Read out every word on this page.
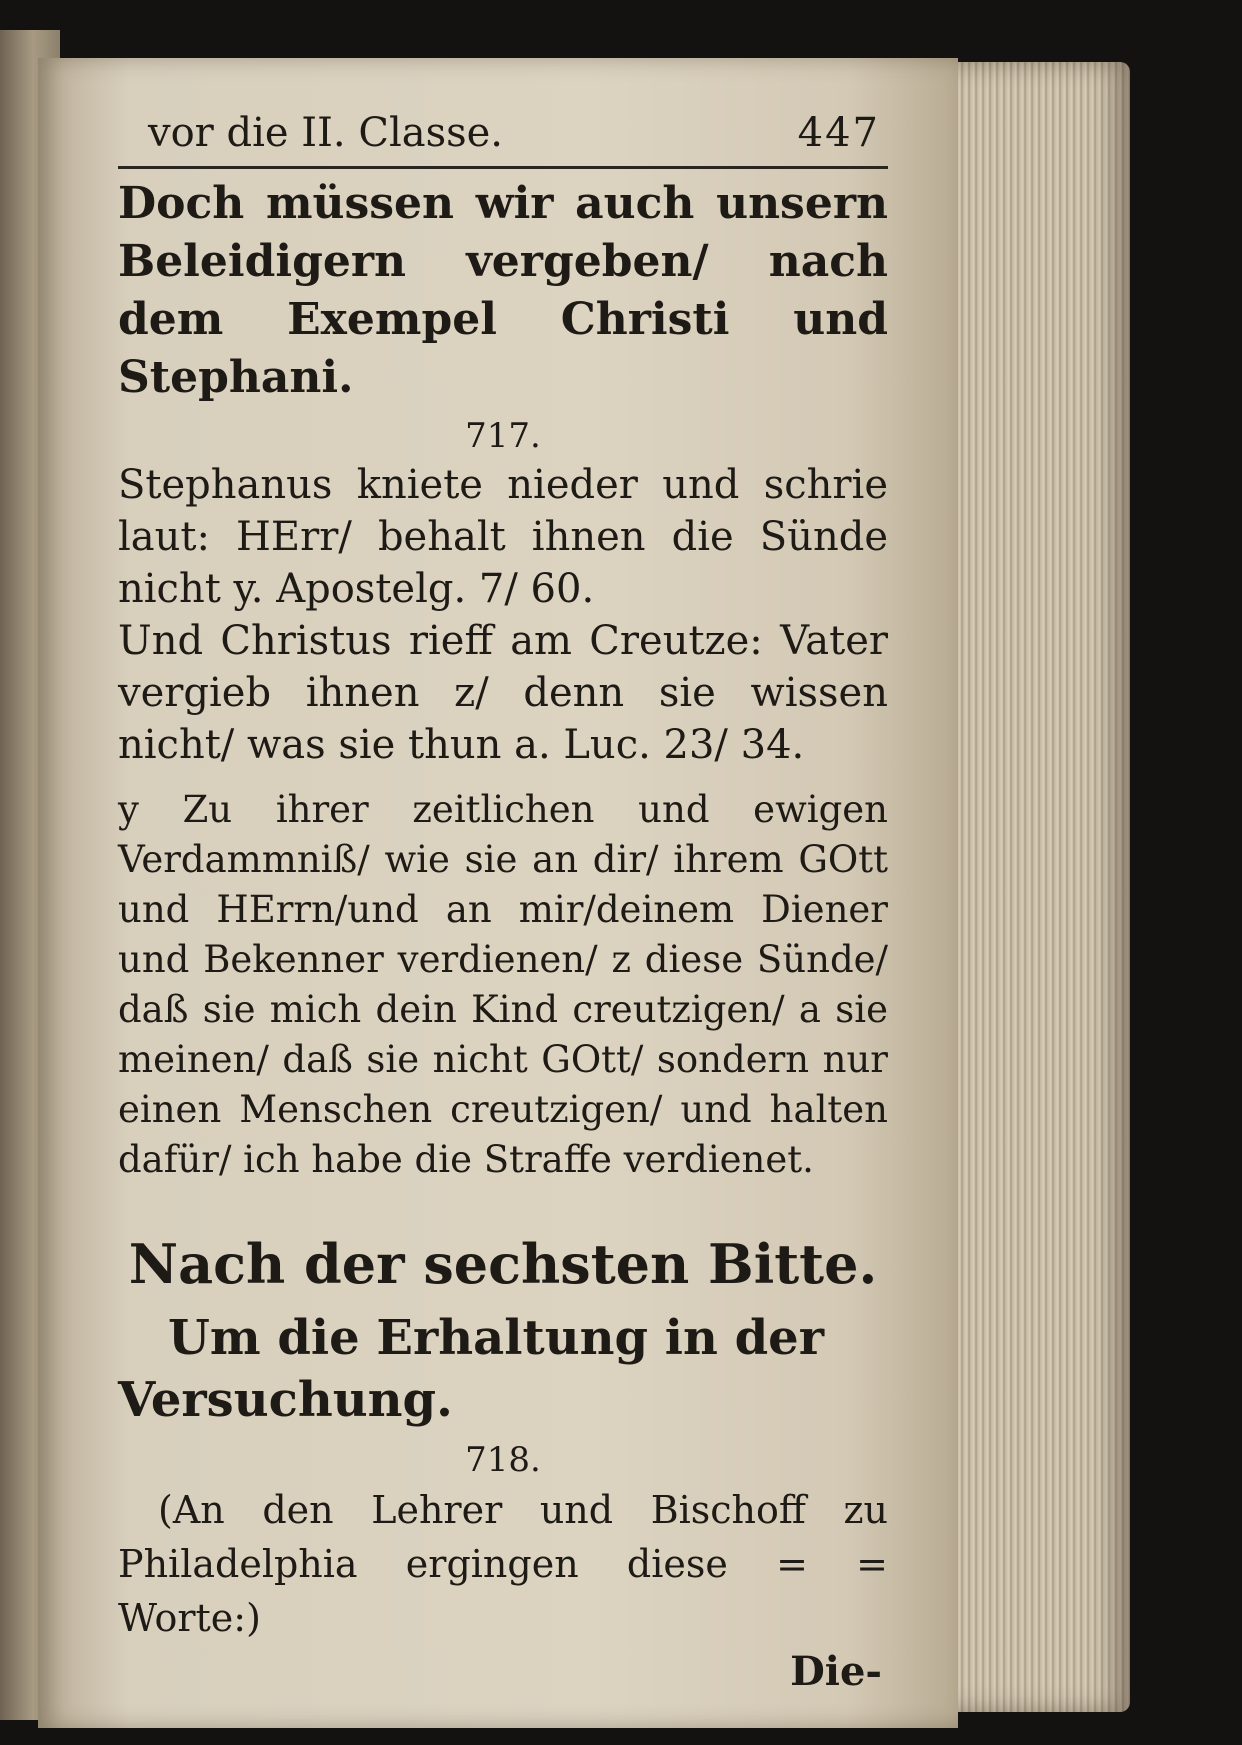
vor die II. Classe.	447

Doch müssen wir auch unsern Beleidigern vergeben/ nach dem Exempel Christi und Stephani.

717.

Stephanus kniete nieder und schrie laut: HErr/ behalt ihnen die Sünde nicht y. Apostelg. 7/ 60.

Und Christus rieff am Creutze: Vater vergieb ihnen z/ denn sie wissen nicht/ was sie thun a. Luc. 23/ 34.

y Zu ihrer zeitlichen und ewigen Verdammniß/ wie sie an dir/ ihrem GOtt und HErrn/und an mir/deinem Diener und Bekenner verdienen/ z diese Sünde/ daß sie mich dein Kind creutzigen/ a sie meinen/ daß sie nicht GOtt/ sondern nur einen Menschen creutzigen/ und halten dafür/ ich habe die Straffe verdienet.

Nach der sechsten Bitte.

Um die Erhaltung in der Versuchung.

718.

(An den Lehrer und Bischoff zu Philadelphia ergingen diese = = Worte:)

Die-
